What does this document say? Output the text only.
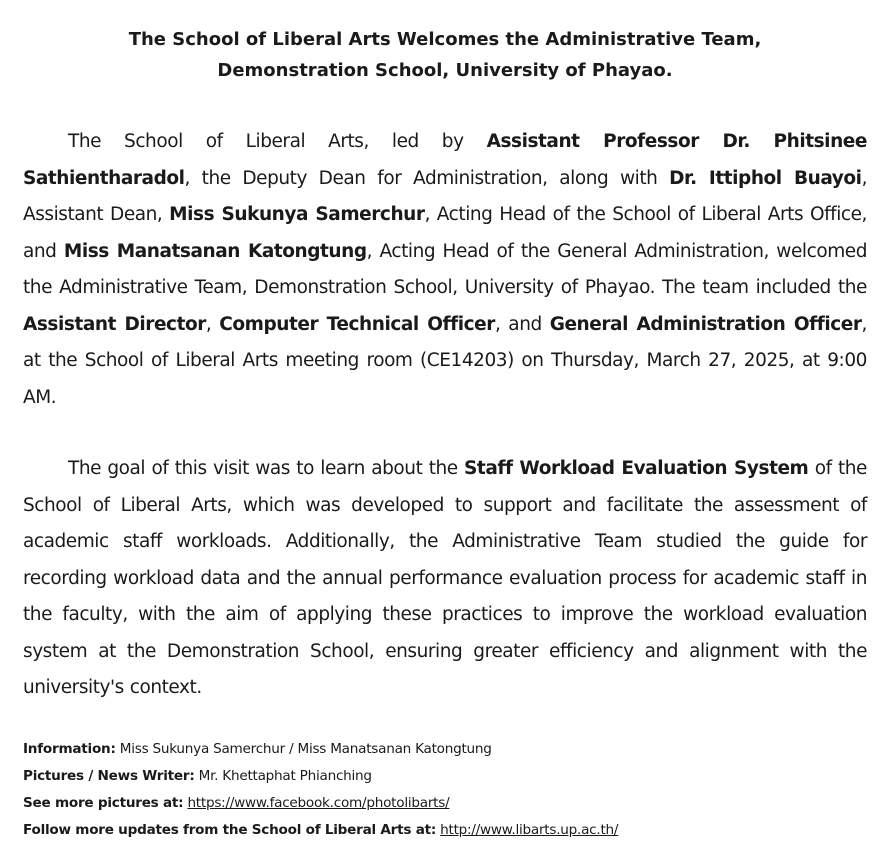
The School of Liberal Arts Welcomes the Administrative Team,
Demonstration School, University of Phayao.

The School of Liberal Arts, led by Assistant Professor Dr. Phitsinee Sathientharadol, the Deputy Dean for Administration, along with Dr. Ittiphol Buayoi, Assistant Dean, Miss Sukunya Samerchur, Acting Head of the School of Liberal Arts Office, and Miss Manatsanan Katongtung, Acting Head of the General Administration, welcomed the Administrative Team, Demonstration School, University of Phayao. The team included the Assistant Director, Computer Technical Officer, and General Administration Officer, at the School of Liberal Arts meeting room (CE14203) on Thursday, March 27, 2025, at 9:00 AM.

The goal of this visit was to learn about the Staff Workload Evaluation System of the School of Liberal Arts, which was developed to support and facilitate the assessment of academic staff workloads. Additionally, the Administrative Team studied the guide for recording workload data and the annual performance evaluation process for academic staff in the faculty, with the aim of applying these practices to improve the workload evaluation system at the Demonstration School, ensuring greater efficiency and alignment with the university's context.

Information: Miss Sukunya Samerchur / Miss Manatsanan Katongtung
Pictures / News Writer: Mr. Khettaphat Phianching
See more pictures at: https://www.facebook.com/photolibarts/
Follow more updates from the School of Liberal Arts at: http://www.libarts.up.ac.th/
